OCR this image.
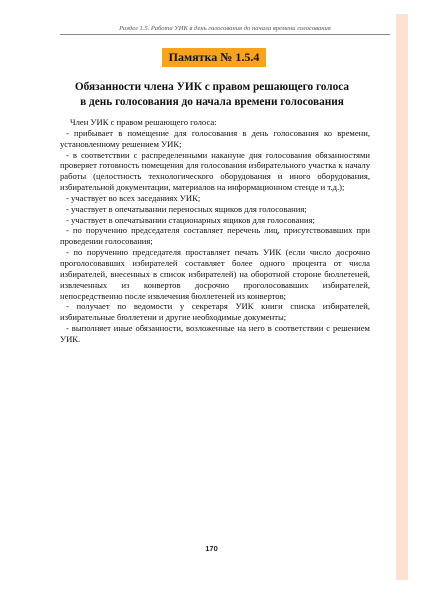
Раздел 1.5. Работа УИК в день голосования до начала времени голосования
Памятка № 1.5.4
Обязанности члена УИК с правом решающего голоса
в день голосования до начала времени голосования

Член УИК с правом решающего голоса:

- прибывает в помещение для голосования в день голосования ко времени, установленному решением УИК;

- в соответствии с распределенными накануне дня голосования обязанностями проверяет готовность помещения для голосования избирательного участка к началу работы (целостность технологического оборудования и иного оборудования, избирательной документации, материалов на информационном стенде и т.д.);

- участвует во всех заседаниях УИК;

- участвует в опечатывании переносных ящиков для голосования;

- участвует в опечатывании стационарных ящиков для голосования;

- по поручению председателя составляет перечень лиц, присутствовавших при проведении голосования;

- по поручению председателя проставляет печать УИК (если число досрочно проголосовавших избирателей составляет более одного процента от числа избирателей, внесенных в список избирателей) на оборотной стороне бюллетеней, извлеченных из конвертов досрочно проголосовавших избирателей, непосредственно после извлечения бюллетеней из конвертов;

- получает по ведомости у секретаря УИК книги списка избирателей, избирательные бюллетени и другие необходимые документы;

- выполняет иные обязанности, возложенные на него в соответствии с решением УИК.

170
